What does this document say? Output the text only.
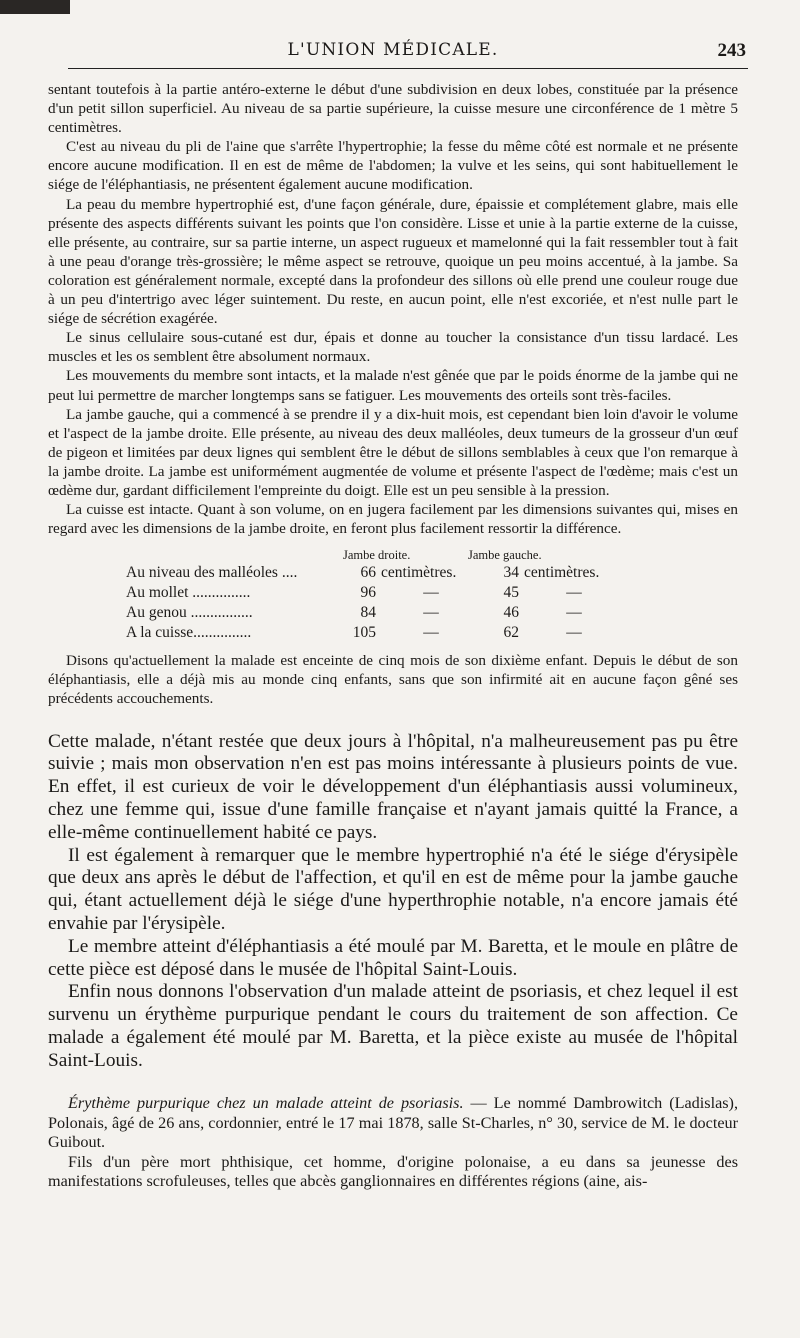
L'UNION MÉDICALE.	243

sentant toutefois à la partie antéro-externe le début d'une subdivision en deux lobes, constituée par la présence d'un petit sillon superficiel. Au niveau de sa partie supérieure, la cuisse mesure une circonférence de 1 mètre 5 centimètres.

C'est au niveau du pli de l'aine que s'arrête l'hypertrophie; la fesse du même côté est normale et ne présente encore aucune modification. Il en est de même de l'abdomen; la vulve et les seins, qui sont habituellement le siége de l'éléphantiasis, ne présentent également aucune modification.

La peau du membre hypertrophié est, d'une façon générale, dure, épaissie et complétement glabre, mais elle présente des aspects différents suivant les points que l'on considère. Lisse et unie à la partie externe de la cuisse, elle présente, au contraire, sur sa partie interne, un aspect rugueux et mamelonné qui la fait ressembler tout à fait à une peau d'orange très-grossière; le même aspect se retrouve, quoique un peu moins accentué, à la jambe. Sa coloration est généralement normale, excepté dans la profondeur des sillons où elle prend une couleur rouge due à un peu d'intertrigo avec léger suintement. Du reste, en aucun point, elle n'est excoriée, et n'est nulle part le siége de sécrétion exagérée.

Le sinus cellulaire sous-cutané est dur, épais et donne au toucher la consistance d'un tissu lardacé. Les muscles et les os semblent être absolument normaux.

Les mouvements du membre sont intacts, et la malade n'est gênée que par le poids énorme de la jambe qui ne peut lui permettre de marcher longtemps sans se fatiguer. Les mouvements des orteils sont très-faciles.

La jambe gauche, qui a commencé à se prendre il y a dix-huit mois, est cependant bien loin d'avoir le volume et l'aspect de la jambe droite. Elle présente, au niveau des deux malléoles, deux tumeurs de la grosseur d'un œuf de pigeon et limitées par deux lignes qui semblent être le début de sillons semblables à ceux que l'on remarque à la jambe droite. La jambe est uniformément augmentée de volume et présente l'aspect de l'œdème; mais c'est un œdème dur, gardant difficilement l'empreinte du doigt. Elle est un peu sensible à la pression.

La cuisse est intacte. Quant à son volume, on en jugera facilement par les dimensions suivantes qui, mises en regard avec les dimensions de la jambe droite, en feront plus facilement ressortir la différence.

Jambe droite.	Jambe gauche.
Au niveau des malléoles ....	66	centimètres.	34	centimètres.
Au mollet ...............	96	—	45	—
Au genou ................	84	—	46	—
A la cuisse...............	105	—	62	—

Disons qu'actuellement la malade est enceinte de cinq mois de son dixième enfant. Depuis le début de son éléphantiasis, elle a déjà mis au monde cinq enfants, sans que son infirmité ait en aucune façon gêné ses précédents accouchements.

Cette malade, n'étant restée que deux jours à l'hôpital, n'a malheureusement pas pu être suivie ; mais mon observation n'en est pas moins intéressante à plusieurs points de vue. En effet, il est curieux de voir le développement d'un éléphantiasis aussi volumineux, chez une femme qui, issue d'une famille française et n'ayant jamais quitté la France, a elle-même continuellement habité ce pays.

Il est également à remarquer que le membre hypertrophié n'a été le siége d'érysipèle que deux ans après le début de l'affection, et qu'il en est de même pour la jambe gauche qui, étant actuellement déjà le siége d'une hyperthrophie notable, n'a encore jamais été envahie par l'érysipèle.

Le membre atteint d'éléphantiasis a été moulé par M. Baretta, et le moule en plâtre de cette pièce est déposé dans le musée de l'hôpital Saint-Louis.

Enfin nous donnons l'observation d'un malade atteint de psoriasis, et chez lequel il est survenu un érythème purpurique pendant le cours du traitement de son affection. Ce malade a également été moulé par M. Baretta, et la pièce existe au musée de l'hôpital Saint-Louis.

Érythème purpurique chez un malade atteint de psoriasis. — Le nommé Dambrowitch (Ladislas), Polonais, âgé de 26 ans, cordonnier, entré le 17 mai 1878, salle St-Charles, n° 30, service de M. le docteur Guibout.

Fils d'un père mort phthisique, cet homme, d'origine polonaise, a eu dans sa jeunesse des manifestations scrofuleuses, telles que abcès ganglionnaires en différentes régions (aine, ais-
